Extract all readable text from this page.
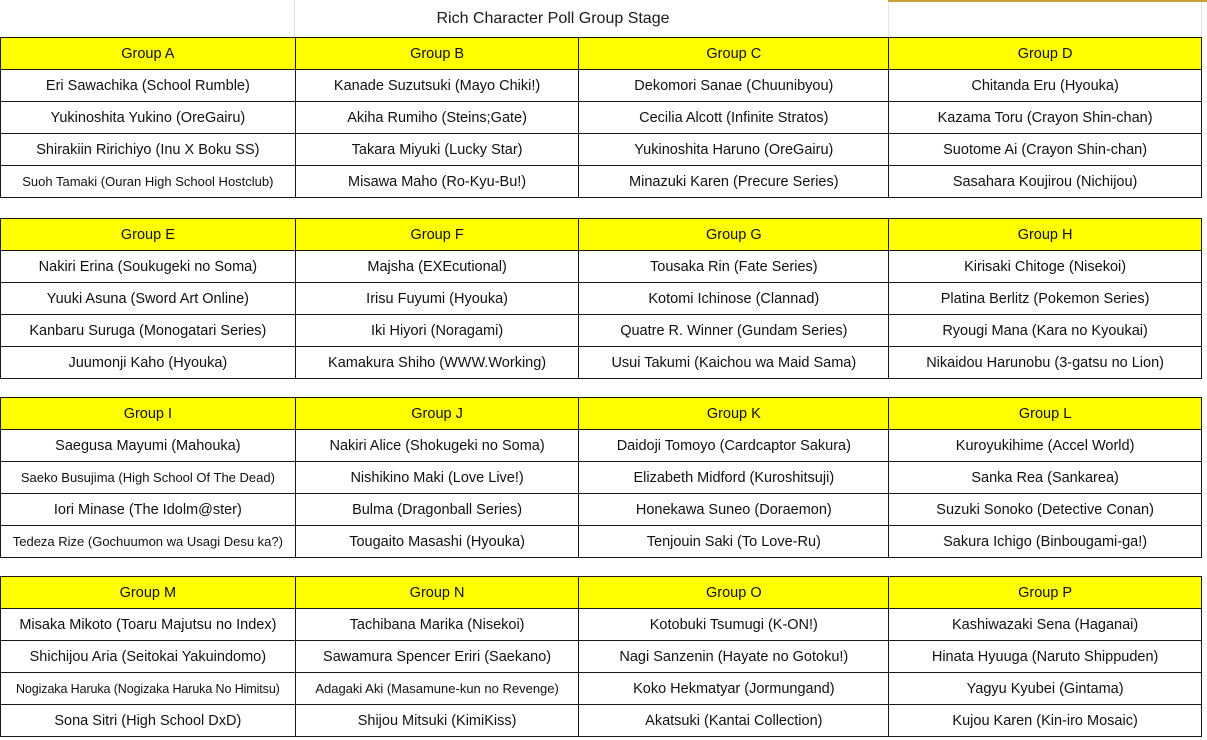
Rich Character Poll Group Stage
Group A	Group B	Group C	Group D
Eri Sawachika (School Rumble)	Kanade Suzutsuki (Mayo Chiki!)	Dekomori Sanae (Chuunibyou)	Chitanda Eru (Hyouka)
Yukinoshita Yukino (OreGairu)	Akiha Rumiho (Steins;Gate)	Cecilia Alcott (Infinite Stratos)	Kazama Toru (Crayon Shin-chan)
Shirakiin Ririchiyo (Inu X Boku SS)	Takara Miyuki (Lucky Star)	Yukinoshita Haruno (OreGairu)	Suotome Ai (Crayon Shin-chan)
Suoh Tamaki (Ouran High School Hostclub)	Misawa Maho (Ro-Kyu-Bu!)	Minazuki Karen (Precure Series)	Sasahara Koujirou (Nichijou)
Group E	Group F	Group G	Group H
Nakiri Erina (Soukugeki no Soma)	Majsha (EXEcutional)	Tousaka Rin (Fate Series)	Kirisaki Chitoge (Nisekoi)
Yuuki Asuna (Sword Art Online)	Irisu Fuyumi (Hyouka)	Kotomi Ichinose (Clannad)	Platina Berlitz (Pokemon Series)
Kanbaru Suruga (Monogatari Series)	Iki Hiyori (Noragami)	Quatre R. Winner (Gundam Series)	Ryougi Mana (Kara no Kyoukai)
Juumonji Kaho (Hyouka)	Kamakura Shiho (WWW.Working)	Usui Takumi (Kaichou wa Maid Sama)	Nikaidou Harunobu (3-gatsu no Lion)
Group I	Group J	Group K	Group L
Saegusa Mayumi (Mahouka)	Nakiri Alice (Shokugeki no Soma)	Daidoji Tomoyo (Cardcaptor Sakura)	Kuroyukihime (Accel World)
Saeko Busujima (High School Of The Dead)	Nishikino Maki (Love Live!)	Elizabeth Midford (Kuroshitsuji)	Sanka Rea (Sankarea)
Iori Minase (The Idolm@ster)	Bulma (Dragonball Series)	Honekawa Suneo (Doraemon)	Suzuki Sonoko (Detective Conan)
Tedeza Rize (Gochuumon wa Usagi Desu ka?)	Tougaito Masashi (Hyouka)	Tenjouin Saki (To Love-Ru)	Sakura Ichigo (Binbougami-ga!)
Group M	Group N	Group O	Group P
Misaka Mikoto (Toaru Majutsu no Index)	Tachibana Marika (Nisekoi)	Kotobuki Tsumugi (K-ON!)	Kashiwazaki Sena (Haganai)
Shichijou Aria (Seitokai Yakuindomo)	Sawamura Spencer Eriri (Saekano)	Nagi Sanzenin (Hayate no Gotoku!)	Hinata Hyuuga (Naruto Shippuden)
Nogizaka Haruka (Nogizaka Haruka No Himitsu)	Adagaki Aki (Masamune-kun no Revenge)	Koko Hekmatyar (Jormungand)	Yagyu Kyubei (Gintama)
Sona Sitri (High School DxD)	Shijou Mitsuki (KimiKiss)	Akatsuki (Kantai Collection)	Kujou Karen (Kin-iro Mosaic)
